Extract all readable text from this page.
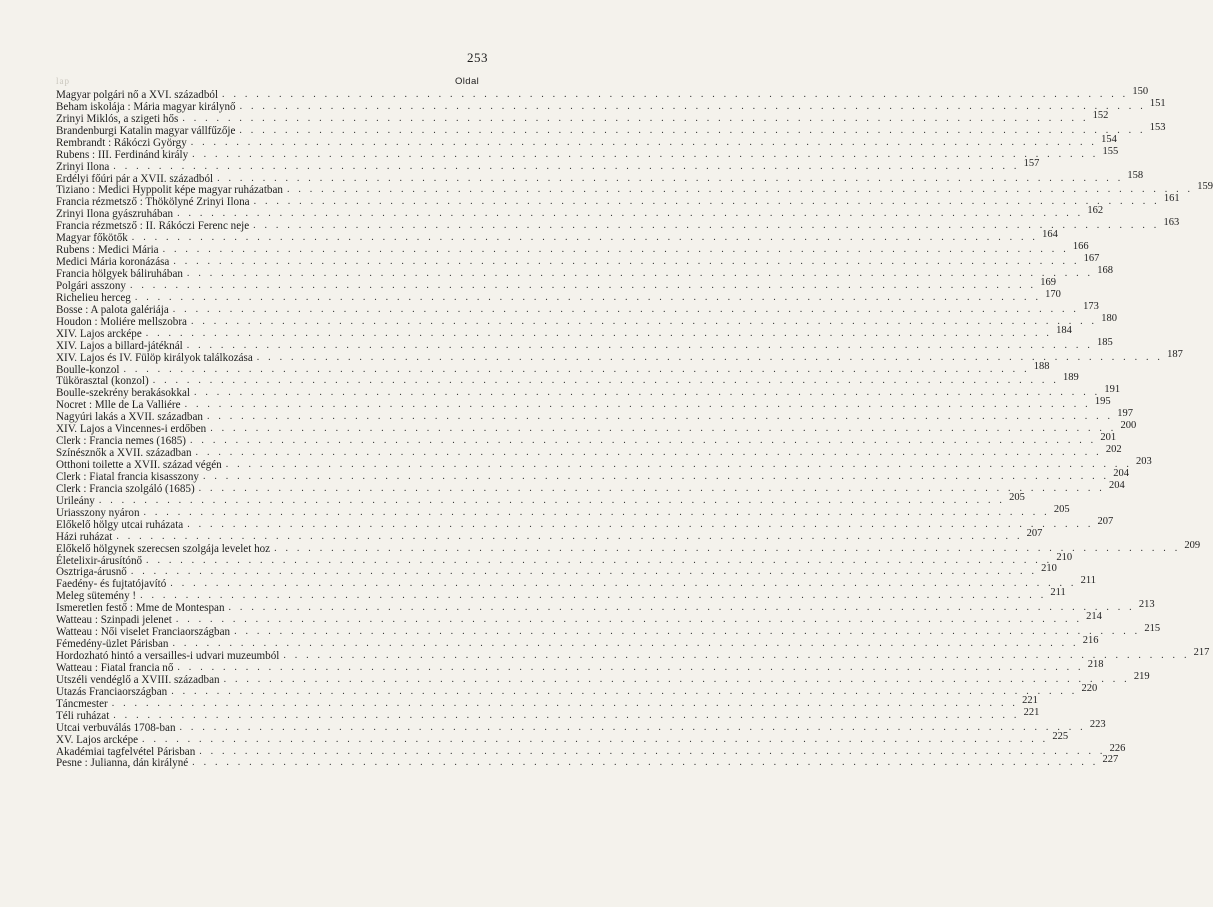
253
lap	Oldal
Magyar polgári nő a XVI. századból . . . . . . . . . . . . . . . . . . . . . . . . . . . . . . . . . . . . . . . . . . . . . . . . . . . . . . . . . . . . . . . . . . . . . . . . . . . . . . . . 150
Beham iskolája : Mária magyar királynő . . . . . . . . . . . . . . . . . . . . . . . . . . . . . . . . . . . . . . . . . . . . . . . . . . . . . . . . . . . . . . . . . . . . . . . . . . . . . . . . 151
Zrinyi Miklós, a szigeti hős . . . . . . . . . . . . . . . . . . . . . . . . . . . . . . . . . . . . . . . . . . . . . . . . . . . . . . . . . . . . . . . . . . . . . . . . . . . . . . . . 152
Brandenburgi Katalin magyar vállfűzője . . . . . . . . . . . . . . . . . . . . . . . . . . . . . . . . . . . . . . . . . . . . . . . . . . . . . . . . . . . . . . . . . . . . . . . . . . . . . . . . 153
Rembrandt : Rákóczi György . . . . . . . . . . . . . . . . . . . . . . . . . . . . . . . . . . . . . . . . . . . . . . . . . . . . . . . . . . . . . . . . . . . . . . . . . . . . . . . . 154
Rubens : III. Ferdinánd király . . . . . . . . . . . . . . . . . . . . . . . . . . . . . . . . . . . . . . . . . . . . . . . . . . . . . . . . . . . . . . . . . . . . . . . . . . . . . . . . 155
Zrinyi Ilona . . . . . . . . . . . . . . . . . . . . . . . . . . . . . . . . . . . . . . . . . . . . . . . . . . . . . . . . . . . . . . . . . . . . . . . . . . . . . . . . 157
Erdélyi főúri pár a XVII. századból . . . . . . . . . . . . . . . . . . . . . . . . . . . . . . . . . . . . . . . . . . . . . . . . . . . . . . . . . . . . . . . . . . . . . . . . . . . . . . . . 158
Tiziano : Medici Hyppolit képe magyar ruházatban . . . . . . . . . . . . . . . . . . . . . . . . . . . . . . . . . . . . . . . . . . . . . . . . . . . . . . . . . . . . . . . . . . . . . . . . . . . . . . . . 159
Francia rézmetsző : Thökölyné Zrinyi Ilona . . . . . . . . . . . . . . . . . . . . . . . . . . . . . . . . . . . . . . . . . . . . . . . . . . . . . . . . . . . . . . . . . . . . . . . . . . . . . . . . 161
Zrinyi Ilona gyászruhában . . . . . . . . . . . . . . . . . . . . . . . . . . . . . . . . . . . . . . . . . . . . . . . . . . . . . . . . . . . . . . . . . . . . . . . . . . . . . . . . 162
Francia rézmetsző : II. Rákóczi Ferenc neje . . . . . . . . . . . . . . . . . . . . . . . . . . . . . . . . . . . . . . . . . . . . . . . . . . . . . . . . . . . . . . . . . . . . . . . . . . . . . . . . 163
Magyar főkötők . . . . . . . . . . . . . . . . . . . . . . . . . . . . . . . . . . . . . . . . . . . . . . . . . . . . . . . . . . . . . . . . . . . . . . . . . . . . . . . . 164
Rubens : Medici Mária . . . . . . . . . . . . . . . . . . . . . . . . . . . . . . . . . . . . . . . . . . . . . . . . . . . . . . . . . . . . . . . . . . . . . . . . . . . . . . . . 166
Medici Mária koronázása . . . . . . . . . . . . . . . . . . . . . . . . . . . . . . . . . . . . . . . . . . . . . . . . . . . . . . . . . . . . . . . . . . . . . . . . . . . . . . . . 167
Francia hölgyek báliruhában . . . . . . . . . . . . . . . . . . . . . . . . . . . . . . . . . . . . . . . . . . . . . . . . . . . . . . . . . . . . . . . . . . . . . . . . . . . . . . . . 168
Polgári asszony . . . . . . . . . . . . . . . . . . . . . . . . . . . . . . . . . . . . . . . . . . . . . . . . . . . . . . . . . . . . . . . . . . . . . . . . . . . . . . . . 169
Richelieu herceg . . . . . . . . . . . . . . . . . . . . . . . . . . . . . . . . . . . . . . . . . . . . . . . . . . . . . . . . . . . . . . . . . . . . . . . . . . . . . . . . 170
Bosse : A palota galériája . . . . . . . . . . . . . . . . . . . . . . . . . . . . . . . . . . . . . . . . . . . . . . . . . . . . . . . . . . . . . . . . . . . . . . . . . . . . . . . . 173
Houdon : Moliére mellszobra . . . . . . . . . . . . . . . . . . . . . . . . . . . . . . . . . . . . . . . . . . . . . . . . . . . . . . . . . . . . . . . . . . . . . . . . . . . . . . . . 180
XIV. Lajos arcképe . . . . . . . . . . . . . . . . . . . . . . . . . . . . . . . . . . . . . . . . . . . . . . . . . . . . . . . . . . . . . . . . . . . . . . . . . . . . . . . . 184
XIV. Lajos a billard-játéknál . . . . . . . . . . . . . . . . . . . . . . . . . . . . . . . . . . . . . . . . . . . . . . . . . . . . . . . . . . . . . . . . . . . . . . . . . . . . . . . . 185
XIV. Lajos és IV. Fülöp királyok találkozása . . . . . . . . . . . . . . . . . . . . . . . . . . . . . . . . . . . . . . . . . . . . . . . . . . . . . . . . . . . . . . . . . . . . . . . . . . . . . . . . 187
Boulle-konzol . . . . . . . . . . . . . . . . . . . . . . . . . . . . . . . . . . . . . . . . . . . . . . . . . . . . . . . . . . . . . . . . . . . . . . . . . . . . . . . . 188
Tükörasztal (konzol) . . . . . . . . . . . . . . . . . . . . . . . . . . . . . . . . . . . . . . . . . . . . . . . . . . . . . . . . . . . . . . . . . . . . . . . . . . . . . . . . 189
Boulle-szekrény berakásokkal . . . . . . . . . . . . . . . . . . . . . . . . . . . . . . . . . . . . . . . . . . . . . . . . . . . . . . . . . . . . . . . . . . . . . . . . . . . . . . . . 191
Nocret : Mlle de La Valliére . . . . . . . . . . . . . . . . . . . . . . . . . . . . . . . . . . . . . . . . . . . . . . . . . . . . . . . . . . . . . . . . . . . . . . . . . . . . . . . . 195
Nagyúri lakás a XVII. században . . . . . . . . . . . . . . . . . . . . . . . . . . . . . . . . . . . . . . . . . . . . . . . . . . . . . . . . . . . . . . . . . . . . . . . . . . . . . . . . 197
XIV. Lajos a Vincennes-i erdőben . . . . . . . . . . . . . . . . . . . . . . . . . . . . . . . . . . . . . . . . . . . . . . . . . . . . . . . . . . . . . . . . . . . . . . . . . . . . . . . . 200
Clerk : Francia nemes (1685) . . . . . . . . . . . . . . . . . . . . . . . . . . . . . . . . . . . . . . . . . . . . . . . . . . . . . . . . . . . . . . . . . . . . . . . . . . . . . . . . 201
Színésznők a XVII. században . . . . . . . . . . . . . . . . . . . . . . . . . . . . . . . . . . . . . . . . . . . . . . . . . . . . . . . . . . . . . . . . . . . . . . . . . . . . . . . . 202
Otthoni toilette a XVII. század végén . . . . . . . . . . . . . . . . . . . . . . . . . . . . . . . . . . . . . . . . . . . . . . . . . . . . . . . . . . . . . . . . . . . . . . . . . . . . . . . . 203
Clerk : Fiatal francia kisasszony . . . . . . . . . . . . . . . . . . . . . . . . . . . . . . . . . . . . . . . . . . . . . . . . . . . . . . . . . . . . . . . . . . . . . . . . . . . . . . . . 204
Clerk : Francia szolgáló (1685) . . . . . . . . . . . . . . . . . . . . . . . . . . . . . . . . . . . . . . . . . . . . . . . . . . . . . . . . . . . . . . . . . . . . . . . . . . . . . . . . 204
Urileány . . . . . . . . . . . . . . . . . . . . . . . . . . . . . . . . . . . . . . . . . . . . . . . . . . . . . . . . . . . . . . . . . . . . . . . . . . . . . . . . 205
Uriasszony nyáron . . . . . . . . . . . . . . . . . . . . . . . . . . . . . . . . . . . . . . . . . . . . . . . . . . . . . . . . . . . . . . . . . . . . . . . . . . . . . . . . 205
Előkelő hölgy utcai ruházata . . . . . . . . . . . . . . . . . . . . . . . . . . . . . . . . . . . . . . . . . . . . . . . . . . . . . . . . . . . . . . . . . . . . . . . . . . . . . . . . 207
Házi ruházat . . . . . . . . . . . . . . . . . . . . . . . . . . . . . . . . . . . . . . . . . . . . . . . . . . . . . . . . . . . . . . . . . . . . . . . . . . . . . . . . 207
Előkelő hölgynek szerecsen szolgája levelet hoz . . . . . . . . . . . . . . . . . . . . . . . . . . . . . . . . . . . . . . . . . . . . . . . . . . . . . . . . . . . . . . . . . . . . . . . . . . . . . . . . 209
Életelixir-árusítónő . . . . . . . . . . . . . . . . . . . . . . . . . . . . . . . . . . . . . . . . . . . . . . . . . . . . . . . . . . . . . . . . . . . . . . . . . . . . . . . . 210
Osztriga-árusnő . . . . . . . . . . . . . . . . . . . . . . . . . . . . . . . . . . . . . . . . . . . . . . . . . . . . . . . . . . . . . . . . . . . . . . . . . . . . . . . . 210
Faedény- és fujtatójavító . . . . . . . . . . . . . . . . . . . . . . . . . . . . . . . . . . . . . . . . . . . . . . . . . . . . . . . . . . . . . . . . . . . . . . . . . . . . . . . . 211
Meleg sütemény ! . . . . . . . . . . . . . . . . . . . . . . . . . . . . . . . . . . . . . . . . . . . . . . . . . . . . . . . . . . . . . . . . . . . . . . . . . . . . . . . . 211
Ismeretlen festő : Mme de Montespan . . . . . . . . . . . . . . . . . . . . . . . . . . . . . . . . . . . . . . . . . . . . . . . . . . . . . . . . . . . . . . . . . . . . . . . . . . . . . . . . 213
Watteau : Szinpadi jelenet . . . . . . . . . . . . . . . . . . . . . . . . . . . . . . . . . . . . . . . . . . . . . . . . . . . . . . . . . . . . . . . . . . . . . . . . . . . . . . . . 214
Watteau : Női viselet Franciaországban . . . . . . . . . . . . . . . . . . . . . . . . . . . . . . . . . . . . . . . . . . . . . . . . . . . . . . . . . . . . . . . . . . . . . . . . . . . . . . . . 215
Fémedény-üzlet Párisban . . . . . . . . . . . . . . . . . . . . . . . . . . . . . . . . . . . . . . . . . . . . . . . . . . . . . . . . . . . . . . . . . . . . . . . . . . . . . . . . 216
Hordozható hintó a versailles-i udvari muzeumból . . . . . . . . . . . . . . . . . . . . . . . . . . . . . . . . . . . . . . . . . . . . . . . . . . . . . . . . . . . . . . . . . . . . . . . . . . . . . . . . 217
Watteau : Fiatal francia nő . . . . . . . . . . . . . . . . . . . . . . . . . . . . . . . . . . . . . . . . . . . . . . . . . . . . . . . . . . . . . . . . . . . . . . . . . . . . . . . . 218
Utszéli vendéglő a XVIII. században . . . . . . . . . . . . . . . . . . . . . . . . . . . . . . . . . . . . . . . . . . . . . . . . . . . . . . . . . . . . . . . . . . . . . . . . . . . . . . . . 219
Utazás Franciaországban . . . . . . . . . . . . . . . . . . . . . . . . . . . . . . . . . . . . . . . . . . . . . . . . . . . . . . . . . . . . . . . . . . . . . . . . . . . . . . . . 220
Táncmester . . . . . . . . . . . . . . . . . . . . . . . . . . . . . . . . . . . . . . . . . . . . . . . . . . . . . . . . . . . . . . . . . . . . . . . . . . . . . . . . 221
Téli ruházat . . . . . . . . . . . . . . . . . . . . . . . . . . . . . . . . . . . . . . . . . . . . . . . . . . . . . . . . . . . . . . . . . . . . . . . . . . . . . . . . 221
Utcai verbuválás 1708-ban . . . . . . . . . . . . . . . . . . . . . . . . . . . . . . . . . . . . . . . . . . . . . . . . . . . . . . . . . . . . . . . . . . . . . . . . . . . . . . . . 223
XV. Lajos arcképe . . . . . . . . . . . . . . . . . . . . . . . . . . . . . . . . . . . . . . . . . . . . . . . . . . . . . . . . . . . . . . . . . . . . . . . . . . . . . . . . 225
Akadémiai tagfelvétel Párisban . . . . . . . . . . . . . . . . . . . . . . . . . . . . . . . . . . . . . . . . . . . . . . . . . . . . . . . . . . . . . . . . . . . . . . . . . . . . . . . . 226
Pesne : Julianna, dán királyné . . . . . . . . . . . . . . . . . . . . . . . . . . . . . . . . . . . . . . . . . . . . . . . . . . . . . . . . . . . . . . . . . . . . . . . . . . . . . . . . 227
